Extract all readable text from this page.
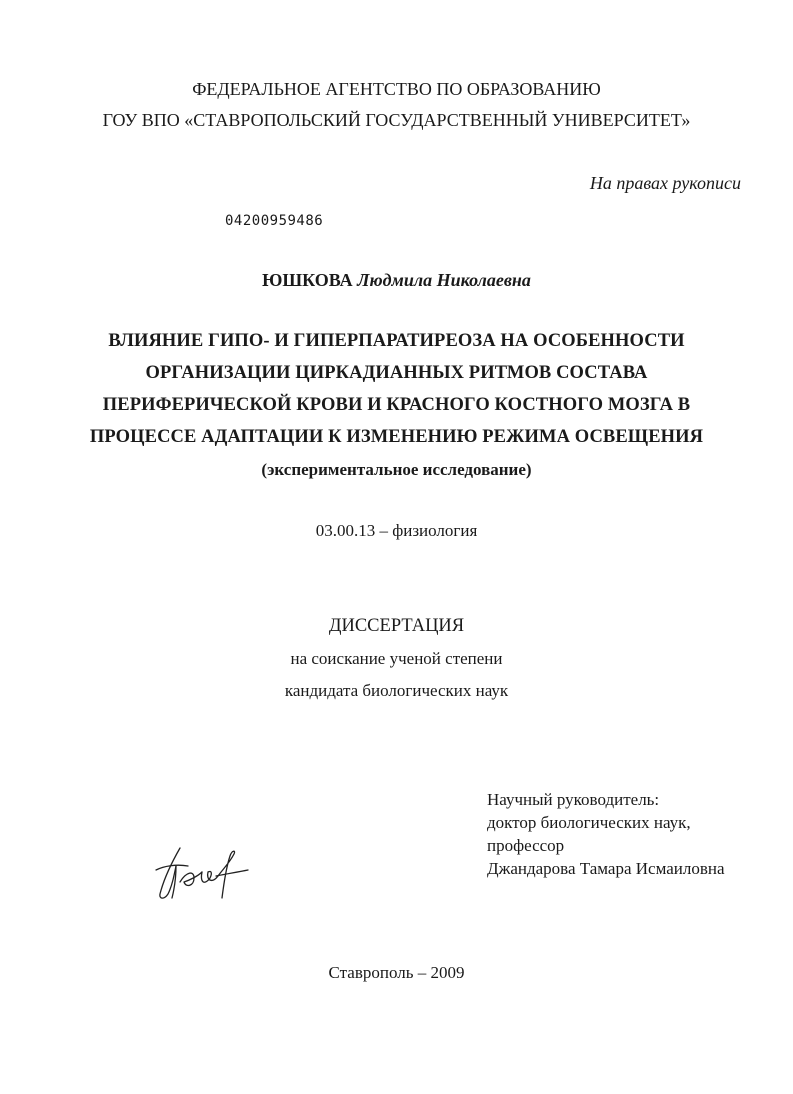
ФЕДЕРАЛЬНОЕ АГЕНТСТВО ПО ОБРАЗОВАНИЮ
ГОУ ВПО «СТАВРОПОЛЬСКИЙ ГОСУДАРСТВЕННЫЙ УНИВЕРСИТЕТ»
На правах рукописи
04200959486
ЮШКОВА Людмила Николаевна
ВЛИЯНИЕ ГИПО- И ГИПЕРПАРАТИРЕОЗА НА ОСОБЕННОСТИ
ОРГАНИЗАЦИИ ЦИРКАДИАННЫХ РИТМОВ СОСТАВА
ПЕРИФЕРИЧЕСКОЙ КРОВИ И КРАСНОГО КОСТНОГО МОЗГА В
ПРОЦЕССЕ АДАПТАЦИИ К ИЗМЕНЕНИЮ РЕЖИМА ОСВЕЩЕНИЯ
(экспериментальное исследование)
03.00.13 – физиология
ДИССЕРТАЦИЯ
на соискание ученой степени
кандидата биологических наук
Научный руководитель:
доктор биологических наук,
профессор
Джандарова Тамара Исмаиловна
Ставрополь – 2009
